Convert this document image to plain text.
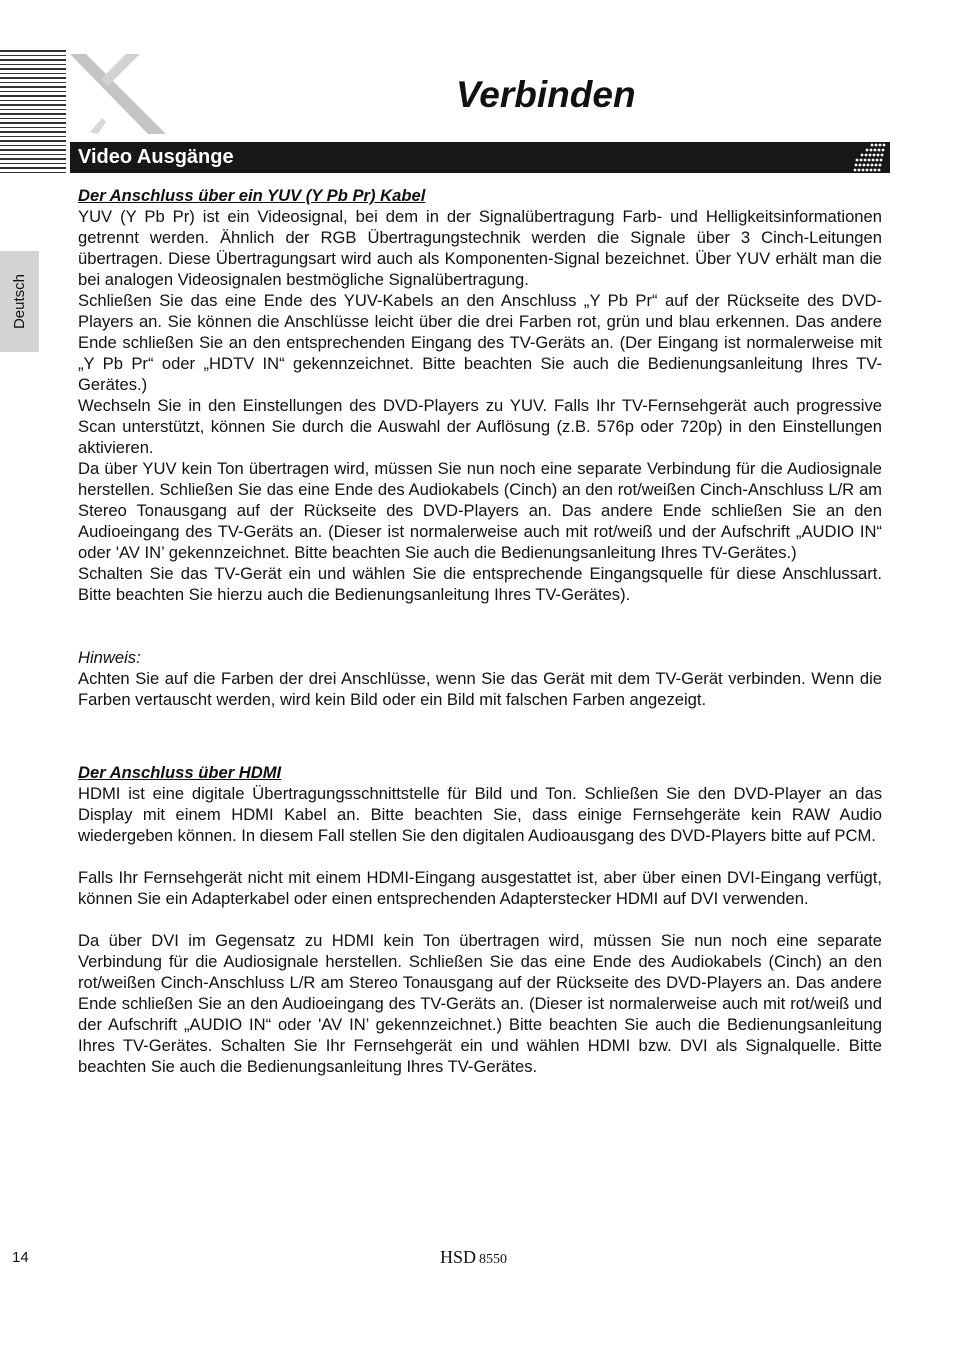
Verbinden
Video Ausgänge
Deutsch

Der Anschluss über ein YUV (Y Pb Pr) Kabel

YUV (Y Pb Pr) ist ein Videosignal, bei dem in der Signalübertragung Farb- und Helligkeitsinformationen getrennt werden. Ähnlich der RGB Übertragungstechnik werden die Signale über 3 Cinch-Leitungen übertragen. Diese Übertragungsart wird auch als Komponenten-Signal bezeichnet. Über YUV erhält man die bei analogen Videosignalen bestmögliche Signalübertragung.

Schließen Sie das eine Ende des YUV-Kabels an den Anschluss „Y Pb Pr“ auf der Rückseite des DVD-Players an. Sie können die Anschlüsse leicht über die drei Farben rot, grün und blau erkennen. Das andere Ende schließen Sie an den entsprechenden Eingang des TV-Geräts an. (Der Eingang ist normalerweise mit „Y Pb Pr“ oder „HDTV IN“ gekennzeichnet. Bitte beachten Sie auch die Bedienungsanleitung Ihres TV-Gerätes.)

Wechseln Sie in den Einstellungen des DVD-Players zu YUV. Falls Ihr TV-Fernsehgerät auch progressive Scan unterstützt, können Sie durch die Auswahl der Auflösung (z.B. 576p oder 720p) in den Einstellungen aktivieren.

Da über YUV kein Ton übertragen wird, müssen Sie nun noch eine separate Verbindung für die Audiosignale herstellen. Schließen Sie das eine Ende des Audiokabels (Cinch) an den rot/weißen Cinch-Anschluss L/R am Stereo Tonausgang auf der Rückseite des DVD-Players an. Das andere Ende schließen Sie an den Audioeingang des TV-Geräts an. (Dieser ist normalerweise auch mit rot/weiß und der Aufschrift „AUDIO IN“ oder 'AV IN’ gekennzeichnet. Bitte beachten Sie auch die Bedienungsanleitung Ihres TV-Gerätes.)

Schalten Sie das TV-Gerät ein und wählen Sie die entsprechende Eingangsquelle für diese Anschlussart. Bitte beachten Sie hierzu auch die Bedienungsanleitung Ihres TV-Gerätes).

Hinweis:

Achten Sie auf die Farben der drei Anschlüsse, wenn Sie das Gerät mit dem TV-Gerät verbinden. Wenn die Farben vertauscht werden, wird kein Bild oder ein Bild mit falschen Farben angezeigt.

Der Anschluss über HDMI

HDMI ist eine digitale Übertragungsschnittstelle für Bild und Ton. Schließen Sie den DVD-Player an das Display mit einem HDMI Kabel an. Bitte beachten Sie, dass einige Fernsehgeräte kein RAW Audio wiedergeben können. In diesem Fall stellen Sie den digitalen Audioausgang des DVD-Players bitte auf PCM.

Falls Ihr Fernsehgerät nicht mit einem HDMI-Eingang ausgestattet ist, aber über einen DVI-Eingang verfügt, können Sie ein Adapterkabel oder einen entsprechenden Adapterstecker HDMI auf DVI verwenden.

Da über DVI im Gegensatz zu HDMI kein Ton übertragen wird, müssen Sie nun noch eine separate Verbindung für die Audiosignale herstellen. Schließen Sie das eine Ende des Audiokabels (Cinch) an den rot/weißen Cinch-Anschluss L/R am Stereo Tonausgang auf der Rückseite des DVD-Players an. Das andere Ende schließen Sie an den Audioeingang des TV-Geräts an. (Dieser ist normalerweise auch mit rot/weiß und der Aufschrift „AUDIO IN“ oder 'AV IN’ gekennzeichnet.) Bitte beachten Sie auch die Bedienungsanleitung Ihres TV-Gerätes. Schalten Sie Ihr Fernsehgerät ein und wählen HDMI bzw. DVI als Signalquelle. Bitte beachten Sie auch die Bedienungsanleitung Ihres TV-Gerätes.

14	HSD 8550
